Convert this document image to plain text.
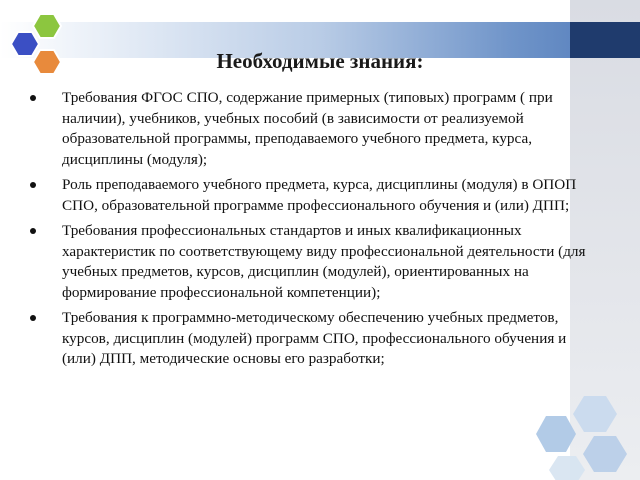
Необходимые знания:
Требования ФГОС СПО, содержание примерных (типовых) программ ( при наличии), учебников, учебных пособий (в зависимости от реализуемой образовательной программы, преподаваемого учебного предмета, курса, дисциплины (модуля);
Роль преподаваемого учебного предмета, курса, дисциплины (модуля) в ОПОП СПО, образовательной программе профессионального обучения и (или) ДПП;
Требования профессиональных стандартов и иных квалификационных характеристик по соответствующему виду профессиональной деятельности (для учебных предметов, курсов, дисциплин (модулей), ориентированных на формирование профессиональной компетенции);
Требования к программно-методическому обеспечению учебных предметов, курсов, дисциплин (модулей) программ СПО, профессионального обучения и (или) ДПП, методические основы его разработки;
